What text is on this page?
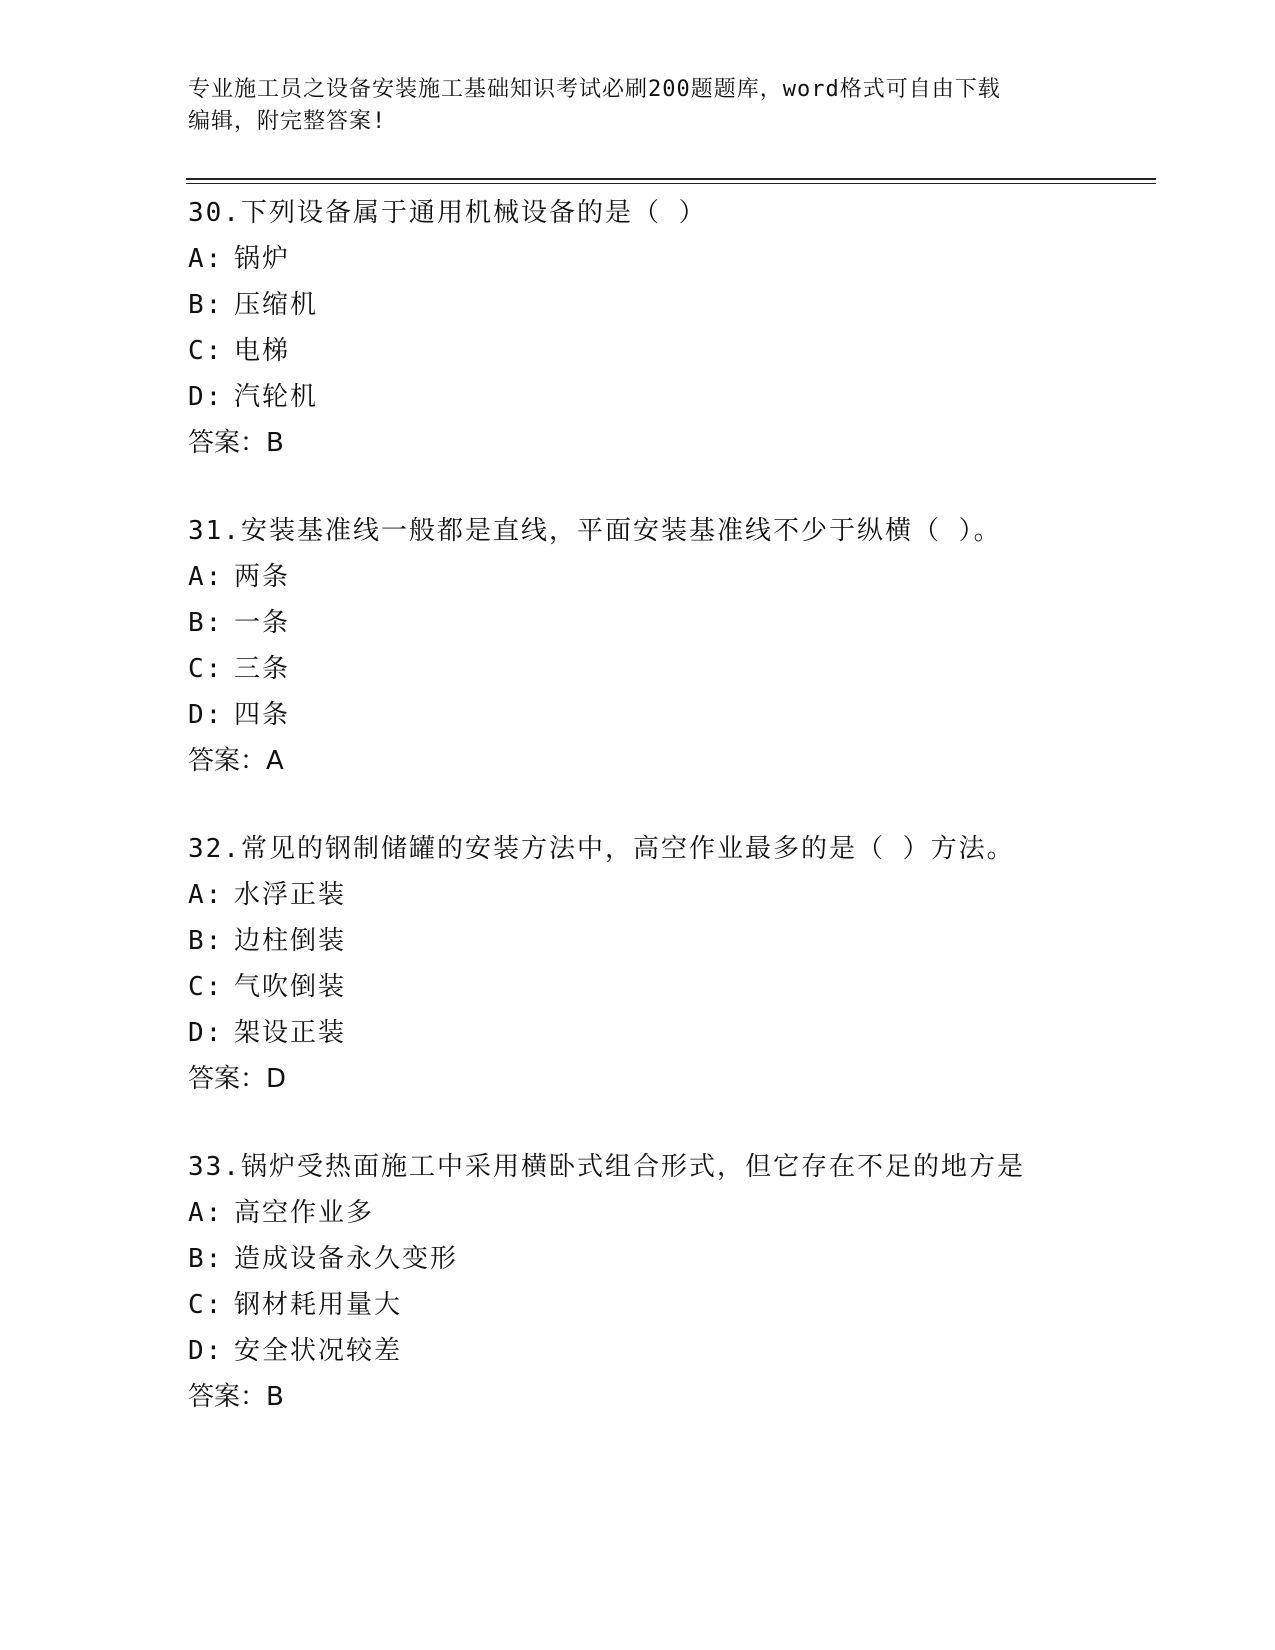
专业施工员之设备安装施工基础知识考试必刷200题题库，word格式可自由下载
编辑，附完整答案!
30.下列设备属于通用机械设备的是（ ）
A: 锅炉
B: 压缩机
C: 电梯
D: 汽轮机
答案：B
31.安装基准线一般都是直线，平面安装基准线不少于纵横（ ）。
A: 两条
B: 一条
C: 三条
D: 四条
答案：A
32.常见的钢制储罐的安装方法中，高空作业最多的是（ ）方法。
A: 水浮正装
B: 边柱倒装
C: 气吹倒装
D: 架设正装
答案：D
33.锅炉受热面施工中采用横卧式组合形式，但它存在不足的地方是
A: 高空作业多
B: 造成设备永久变形
C: 钢材耗用量大
D: 安全状况较差
答案：B
